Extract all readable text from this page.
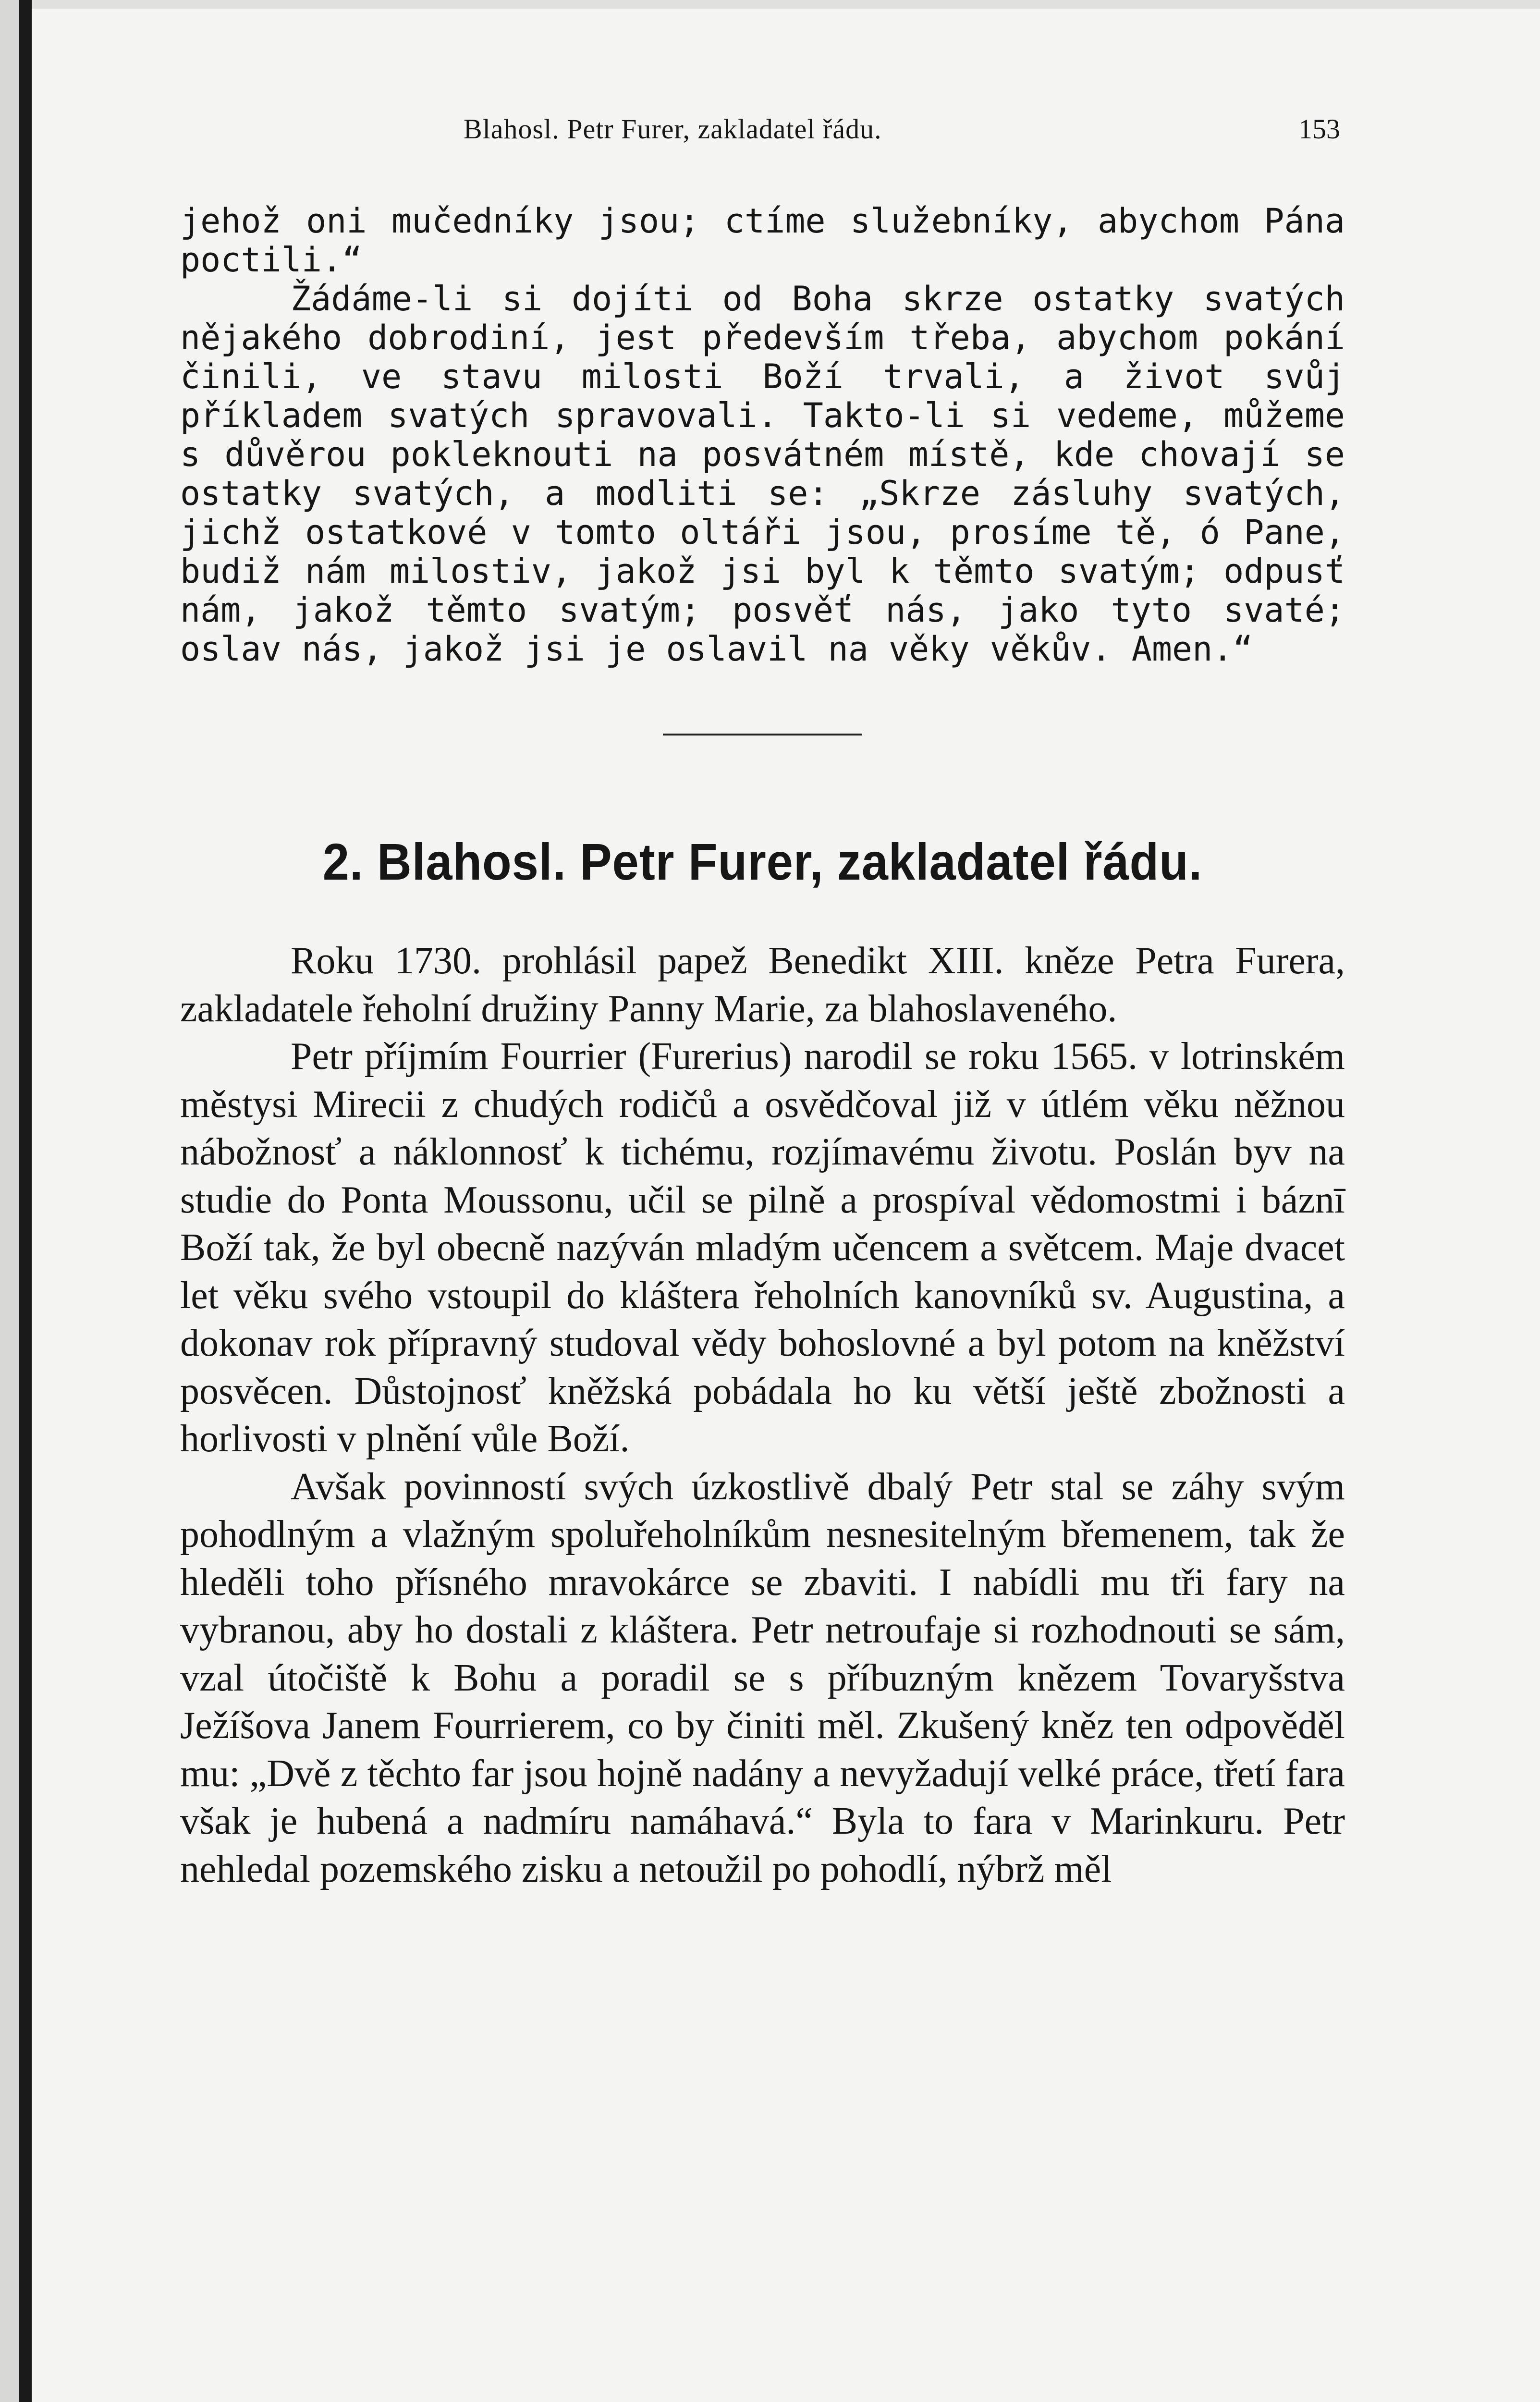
Blahosl. Petr Furer, zakladatel řádu.	153

jehož oni mučedníky jsou; ctíme služebníky, abychom Pána poctili.“

Žádáme-li si dojíti od Boha skrze ostatky svatých nějakého dobrodiní, jest především třeba, abychom pokání činili, ve stavu milosti Boží trvali, a život svůj příkladem svatých spravovali. Takto-li si vedeme, můžeme s důvěrou pokleknouti na posvátném místě, kde chovají se ostatky svatých, a modliti se: „Skrze zásluhy svatých, jichž ostatkové v tomto oltáři jsou, prosíme tě, ó Pane, budiž nám milostiv, jakož jsi byl k těmto svatým; odpusť nám, jakož těmto svatým; posvěť nás, jako tyto svaté; oslav nás, jakož jsi je oslavil na věky věkův. Amen.“

2. Blahosl. Petr Furer, zakladatel řádu.

Roku 1730. prohlásil papež Benedikt XIII. kněze Petra Furera, zakladatele řeholní družiny Panny Marie, za blahoslaveného.

Petr příjmím Fourrier (Furerius) narodil se roku 1565. v lotrinském městysi Mirecii z chudých rodičů a osvědčoval již v útlém věku něžnou nábožnosť a náklonnosť k tichému, rozjímavému životu. Poslán byv na studie do Ponta Moussonu, učil se pilně a prospíval vědomostmi i báznī Boží tak, že byl obecně nazýván mladým učencem a světcem. Maje dvacet let věku svého vstoupil do kláštera řeholních kanovníků sv. Augustina, a dokonav rok přípravný studoval vědy bohoslovné a byl potom na kněžství posvěcen. Důstojnosť kněžská pobádala ho ku větší ještě zbožnosti a horlivosti v plnění vůle Boží.

Avšak povinností svých úzkostlivě dbalý Petr stal se záhy svým pohodlným a vlažným spoluřeholníkům nesnesitelným břemenem, tak že hleděli toho přísného mravokárce se zbaviti. I nabídli mu tři fary na vybranou, aby ho dostali z kláštera. Petr netroufaje si rozhodnouti se sám, vzal útočiště k Bohu a poradil se s příbuzným knězem Tovaryšstva Ježíšova Janem Fourrierem, co by činiti měl. Zkušený kněz ten odpověděl mu: „Dvě z těchto far jsou hojně nadány a nevyžadují velké práce, třetí fara však je hubená a nadmíru namáhavá.“ Byla to fara v Marinkuru. Petr nehledal pozemského zisku a netoužil po pohodlí, nýbrž měl
